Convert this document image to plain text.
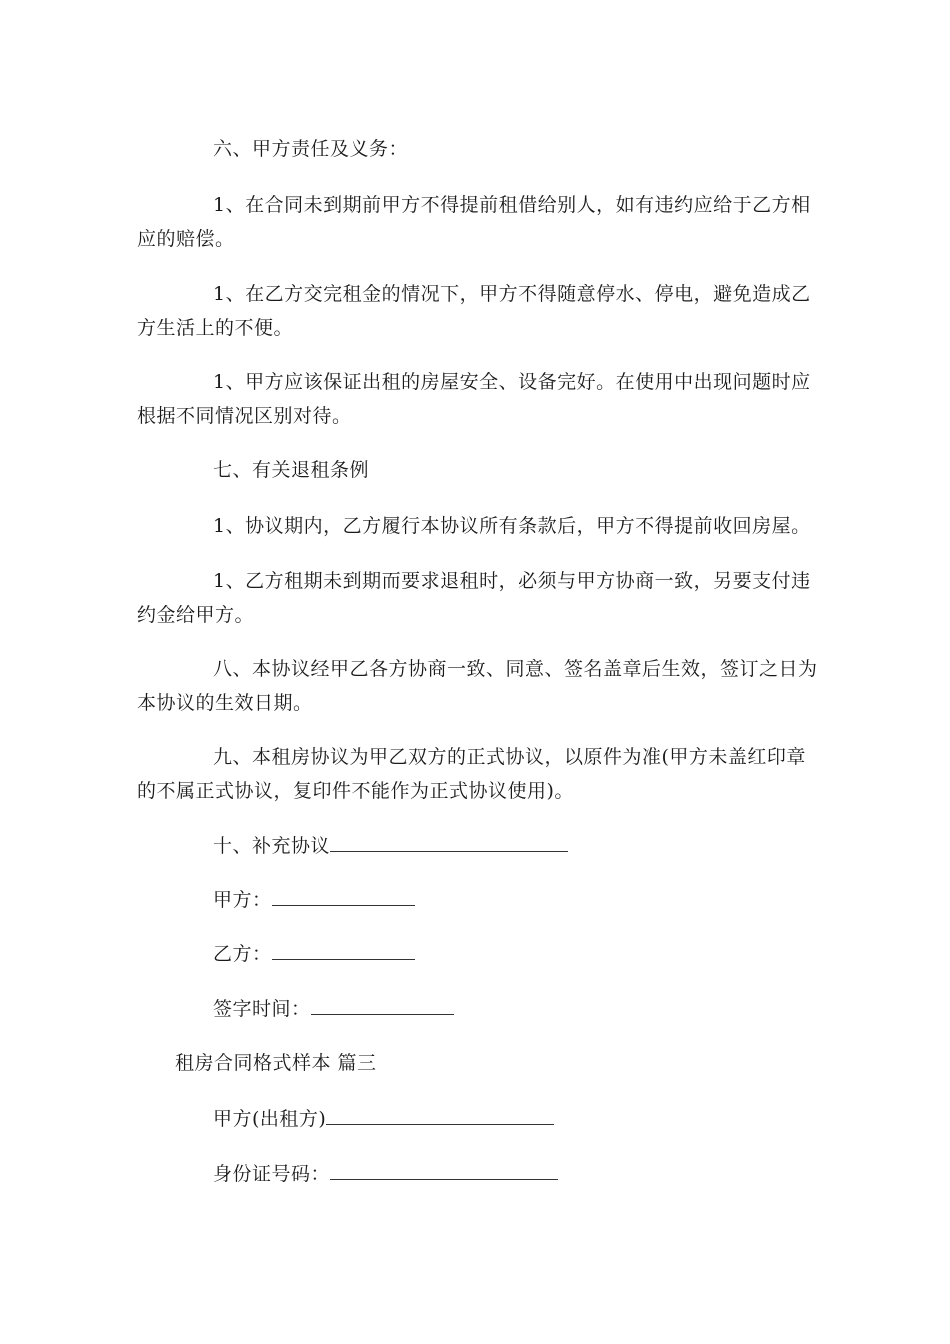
六、甲方责任及义务：
1、在合同未到期前甲方不得提前租借给别人，如有违约应给于乙方相
应的赔偿。
1、在乙方交完租金的情况下，甲方不得随意停水、停电，避免造成乙
方生活上的不便。
1、甲方应该保证出租的房屋安全、设备完好。在使用中出现问题时应
根据不同情况区别对待。
七、有关退租条例
1、协议期内，乙方履行本协议所有条款后，甲方不得提前收回房屋。
1、乙方租期未到期而要求退租时，必须与甲方协商一致，另要支付违
约金给甲方。
八、本协议经甲乙各方协商一致、同意、签名盖章后生效，签订之日为
本协议的生效日期。
九、本租房协议为甲乙双方的正式协议，以原件为准(甲方未盖红印章
的不属正式协议，复印件不能作为正式协议使用)。
十、补充协议
甲方：
乙方：
签字时间：
租房合同格式样本 篇三
甲方(出租方)
身份证号码：
